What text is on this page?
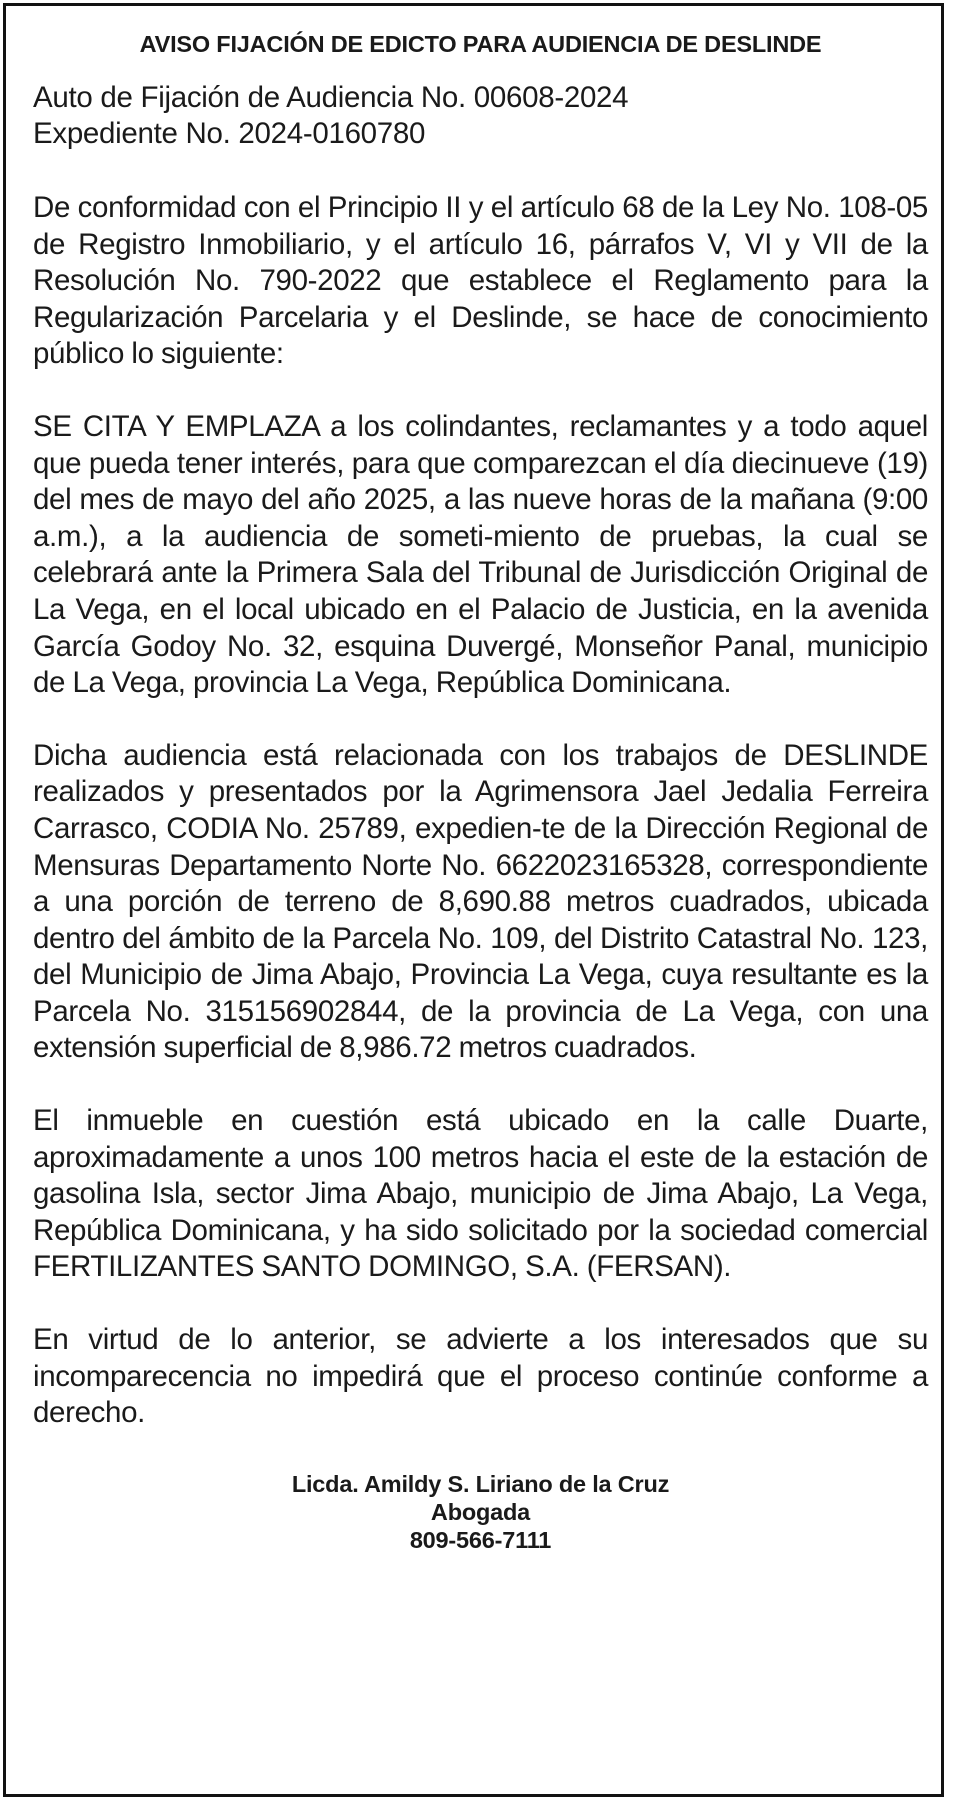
AVISO FIJACIÓN DE EDICTO PARA AUDIENCIA DE DESLINDE
Auto de Fijación de Audiencia No. 00608-2024
Expediente No. 2024-0160780
De conformidad con el Principio II y el artículo 68 de la Ley No. 108-05 de Registro Inmobiliario, y el artículo 16, párrafos V, VI y VII de la Resolución No. 790-2022 que establece el Reglamento para la Regularización Parcelaria y el Deslinde, se hace de conocimiento público lo siguiente:
SE CITA Y EMPLAZA a los colindantes, reclamantes y a todo aquel que pueda tener interés, para que comparezcan el día diecinueve (19) del mes de mayo del año 2025, a las nueve horas de la mañana (9:00 a.m.), a la audiencia de someti-miento de pruebas, la cual se celebrará ante la Primera Sala del Tribunal de Jurisdicción Original de La Vega, en el local ubicado en el Palacio de Justicia, en la avenida García Godoy No. 32, esquina Duvergé, Monseñor Panal, municipio de La Vega, provincia La Vega, República Dominicana.
Dicha audiencia está relacionada con los trabajos de DESLINDE realizados y presentados por la Agrimensora Jael Jedalia Ferreira Carrasco, CODIA No. 25789, expedien-te de la Dirección Regional de Mensuras Departamento Norte No. 6622023165328, correspondiente a una porción de terreno de 8,690.88 metros cuadrados, ubicada dentro del ámbito de la Parcela No. 109, del Distrito Catastral No. 123, del Municipio de Jima Abajo, Provincia La Vega, cuya resultante es la Parcela No. 315156902844, de la provincia de La Vega, con una extensión superficial de 8,986.72 metros cuadrados.
El inmueble en cuestión está ubicado en la calle Duarte, aproximadamente a unos 100 metros hacia el este de la estación de gasolina Isla, sector Jima Abajo, municipio de Jima Abajo, La Vega, República Dominicana, y ha sido solicitado por la sociedad comercial FERTILIZANTES SANTO DOMINGO, S.A. (FERSAN).
En virtud de lo anterior, se advierte a los interesados que su incomparecencia no impedirá que el proceso continúe conforme a derecho.
Licda. Amildy S. Liriano de la Cruz
Abogada
809-566-7111
